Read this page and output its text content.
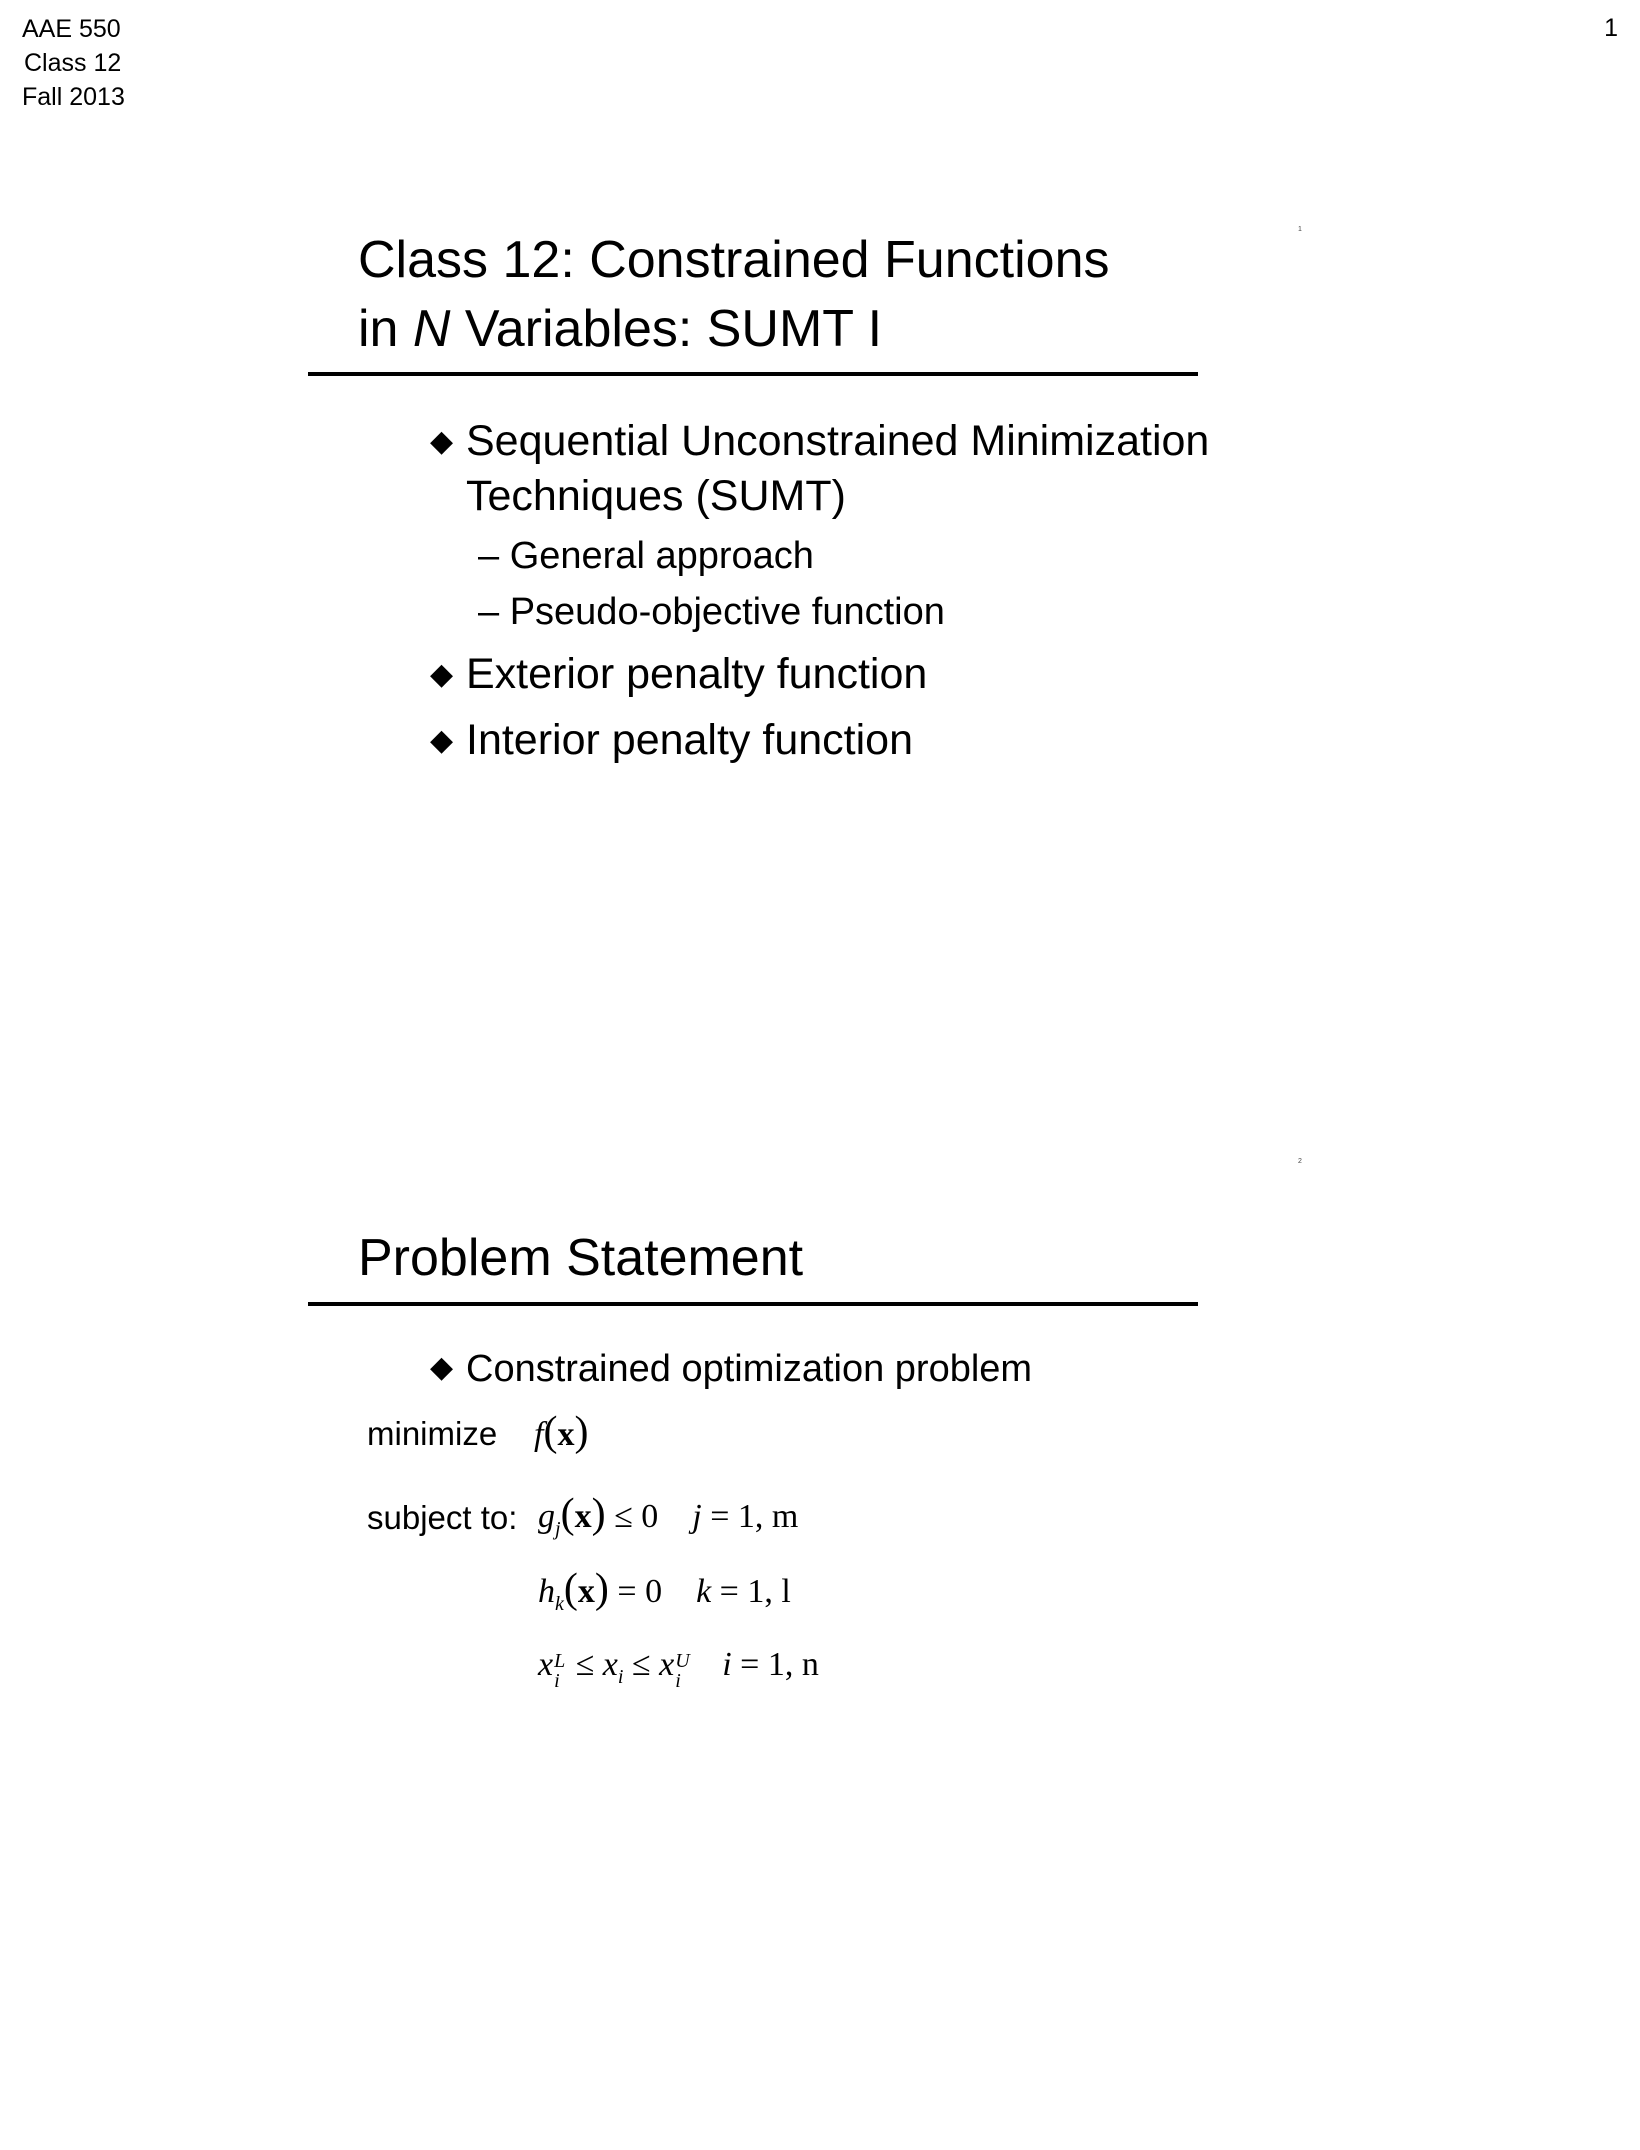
AAE 550
Class 12
Fall 2013
1
1
Class 12: Constrained Functions
in N Variables: SUMT I
◆ Sequential Unconstrained Minimization
Techniques (SUMT)
– General approach
– Pseudo-objective function
◆ Exterior penalty function
◆ Interior penalty function
2
Problem Statement
◆ Constrained optimization problem
minimize f(x)
subject to: $g_j(x) \le 0$ j = 1, m
$h_k(x) = 0$ k = 1, l
x L
$i \le x_i \le x$ U
i i = 1, n
